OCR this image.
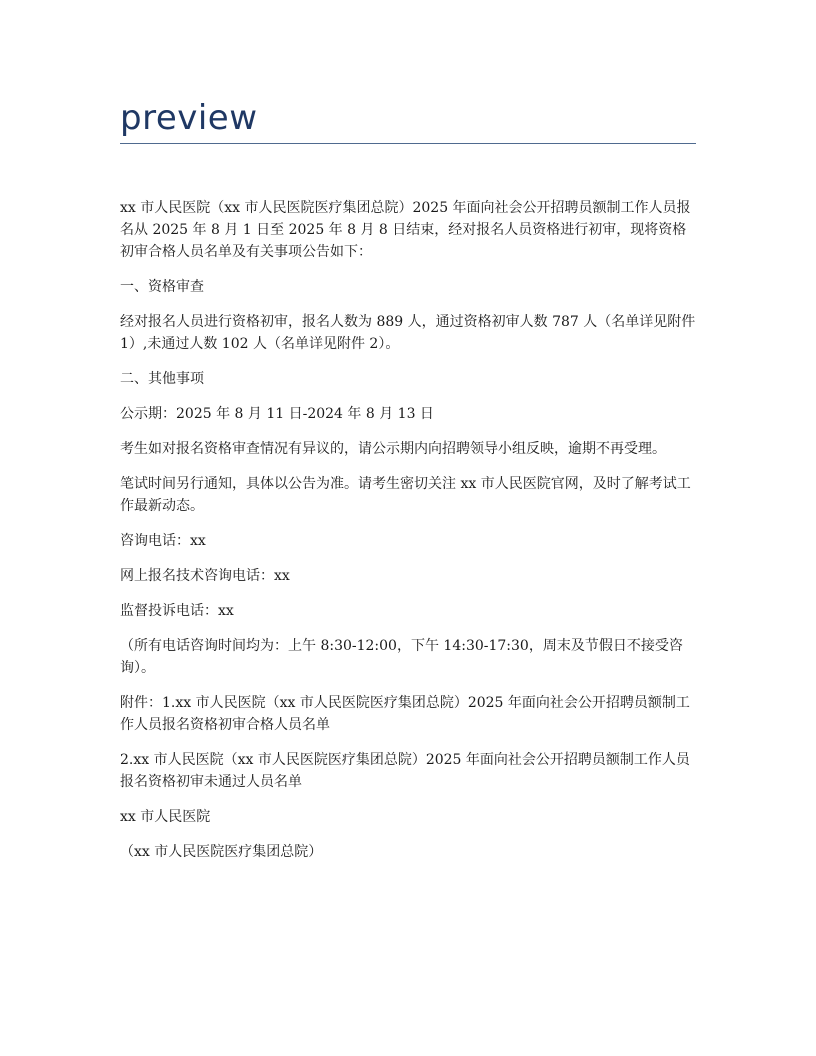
preview

xx 市人民医院（xx 市人民医院医疗集团总院）2025 年面向社会公开招聘员额制工作人员报名从 2025 年 8 月 1 日至 2025 年 8 月 8 日结束，经对报名人员资格进行初审，现将资格初审合格人员名单及有关事项公告如下：

一、资格审查

经对报名人员进行资格初审，报名人数为 889 人，通过资格初审人数 787 人（名单详见附件 1）,未通过人数 102 人（名单详见附件 2）。

二、其他事项

公示期：2025 年 8 月 11 日-2024 年 8 月 13 日

考生如对报名资格审查情况有异议的，请公示期内向招聘领导小组反映，逾期不再受理。

笔试时间另行通知，具体以公告为准。请考生密切关注 xx 市人民医院官网，及时了解考试工作最新动态。

咨询电话：xx

网上报名技术咨询电话：xx

监督投诉电话：xx

（所有电话咨询时间均为：上午 8:30-12:00，下午 14:30-17:30，周末及节假日不接受咨询）。

附件：1.xx 市人民医院（xx 市人民医院医疗集团总院）2025 年面向社会公开招聘员额制工作人员报名资格初审合格人员名单

2.xx 市人民医院（xx 市人民医院医疗集团总院）2025 年面向社会公开招聘员额制工作人员报名资格初审未通过人员名单

xx 市人民医院

（xx 市人民医院医疗集团总院）
